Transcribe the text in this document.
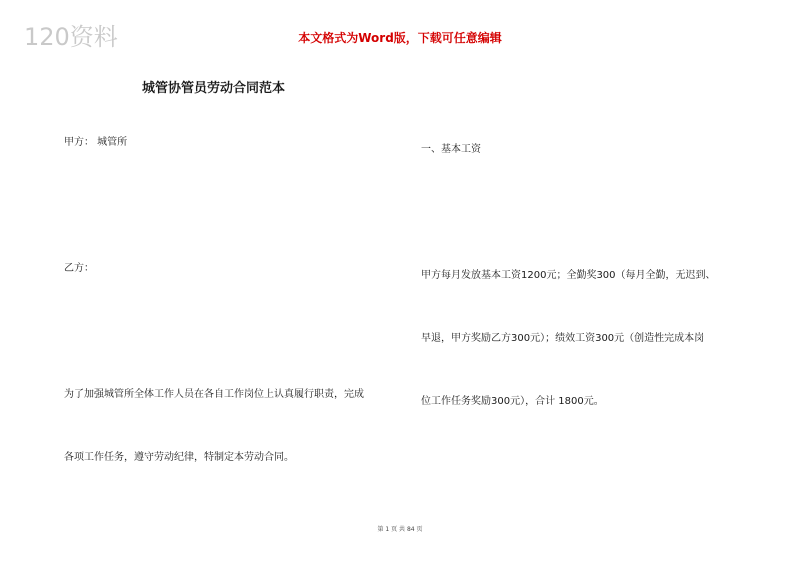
120资料	本文格式为Word版，下载可任意编辑
城管协管员劳动合同范本
甲方： 城管所
乙方：
为了加强城管所全体工作人员在各自工作岗位上认真履行职责，完成
各项工作任务，遵守劳动纪律，特制定本劳动合同。
一、基本工资
甲方每月发放基本工资1200元；全勤奖300（每月全勤，无迟到、
早退，甲方奖励乙方300元）；绩效工资300元（创造性完成本岗
位工作任务奖励300元），合计 1800元。
第 1 页 共 84 页
